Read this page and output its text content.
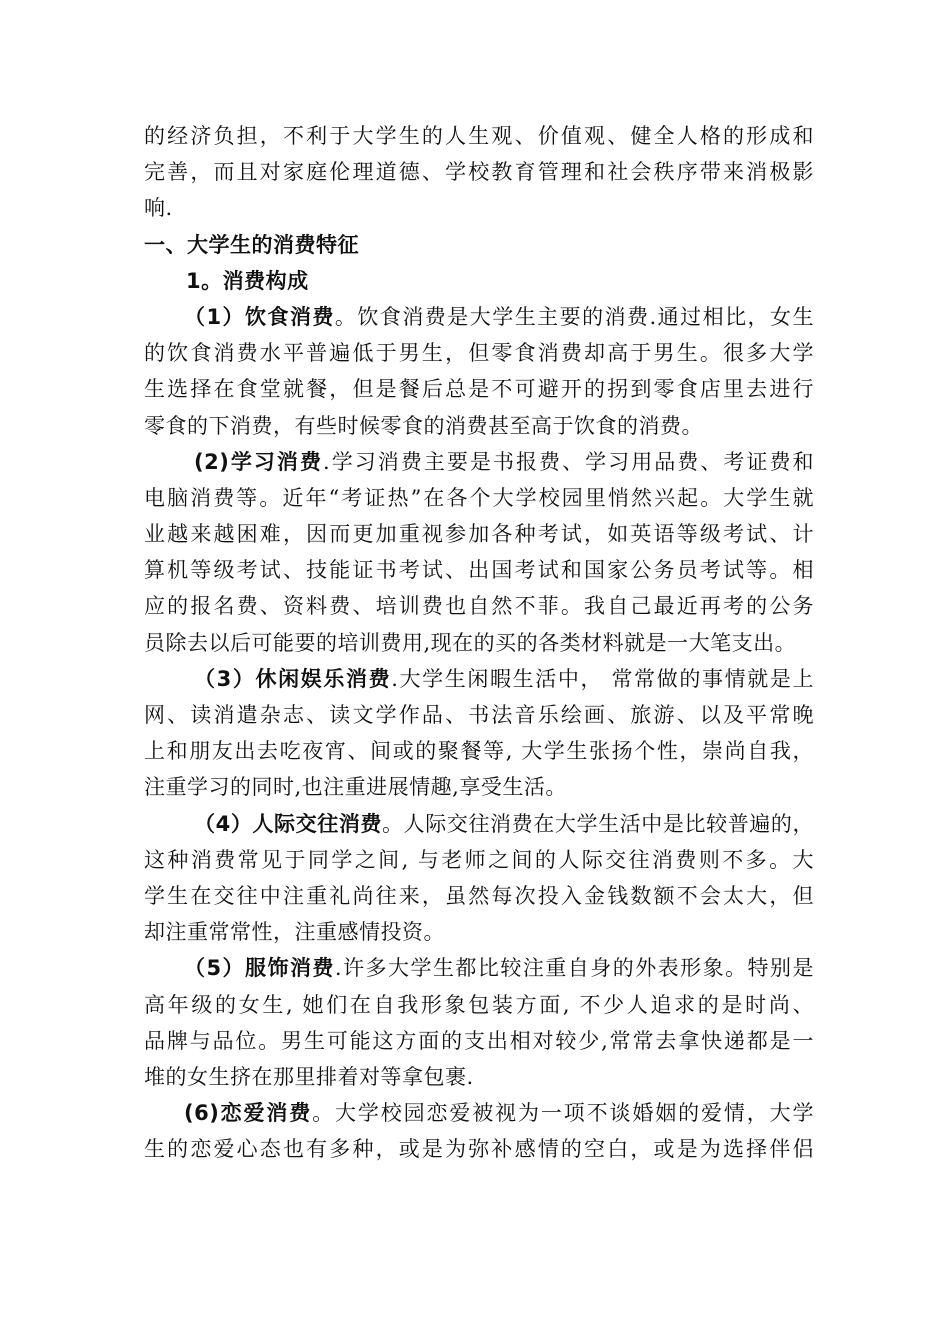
的经济负担，不利于大学生的人生观、价值观、健全人格的形成和
完善，而且对家庭伦理道德、学校教育管理和社会秩序带来消极影
响.
一、大学生的消费特征
1。消费构成
（1）饮食消费。饮食消费是大学生主要的消费.通过相比，女生
的饮食消费水平普遍低于男生，但零食消费却高于男生。很多大学
生选择在食堂就餐，但是餐后总是不可避开的拐到零食店里去进行
零食的下消费，有些时候零食的消费甚至高于饮食的消费。
(2)学习消费.学习消费主要是书报费、学习用品费、考证费和
电脑消费等。近年“考证热”在各个大学校园里悄然兴起。大学生就
业越来越困难，因而更加重视参加各种考试，如英语等级考试、计
算机等级考试、技能证书考试、出国考试和国家公务员考试等。相
应的报名费、资料费、培训费也自然不菲。我自己最近再考的公务
员除去以后可能要的培训费用,现在的买的各类材料就是一大笔支出。
（3）休闲娱乐消费.大学生闲暇生活中， 常常做的事情就是上
网、读消遣杂志、读文学作品、书法音乐绘画、旅游、以及平常晚
上和朋友出去吃夜宵、间或的聚餐等, 大学生张扬个性，崇尚自我，
注重学习的同时,也注重进展情趣,享受生活。
（4）人际交往消费。人际交往消费在大学生活中是比较普遍的，
这种消费常见于同学之间, 与老师之间的人际交往消费则不多。大
学生在交往中注重礼尚往来，虽然每次投入金钱数额不会太大，但
却注重常常性，注重感情投资。
（5）服饰消费.许多大学生都比较注重自身的外表形象。特别是
高年级的女生, 她们在自我形象包装方面, 不少人追求的是时尚、
品牌与品位。男生可能这方面的支出相对较少,常常去拿快递都是一
堆的女生挤在那里排着对等拿包裹.
(6)恋爱消费。大学校园恋爱被视为一项不谈婚姻的爱情，大学
生的恋爱心态也有多种，或是为弥补感情的空白，或是为选择伴侣
